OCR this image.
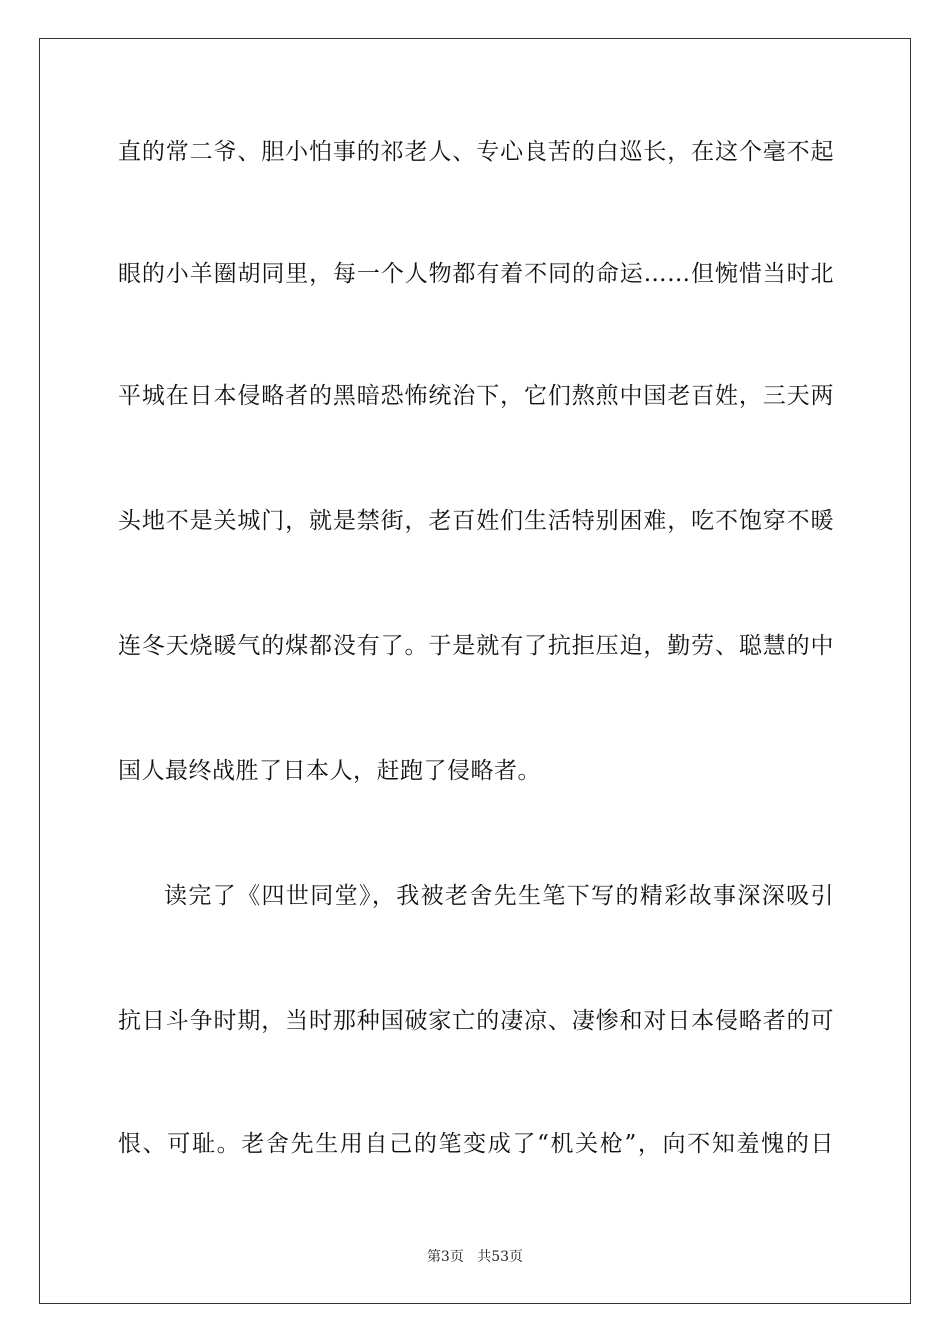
直的常二爷、胆小怕事的祁老人、专心良苦的白巡长，在这个毫不起
眼的小羊圈胡同里，每一个人物都有着不同的命运……但惋惜当时北
平城在日本侵略者的黑暗恐怖统治下，它们熬煎中国老百姓，三天两
头地不是关城门，就是禁街，老百姓们生活特别困难，吃不饱穿不暖
连冬天烧暖气的煤都没有了。于是就有了抗拒压迫，勤劳、聪慧的中
国人最终战胜了日本人，赶跑了侵略者。
读完了《四世同堂》，我被老舍先生笔下写的精彩故事深深吸引
抗日斗争时期，当时那种国破家亡的凄凉、凄惨和对日本侵略者的可
恨、可耻。老舍先生用自己的笔变成了“机关枪”，向不知羞愧的日
第3页 共53页
